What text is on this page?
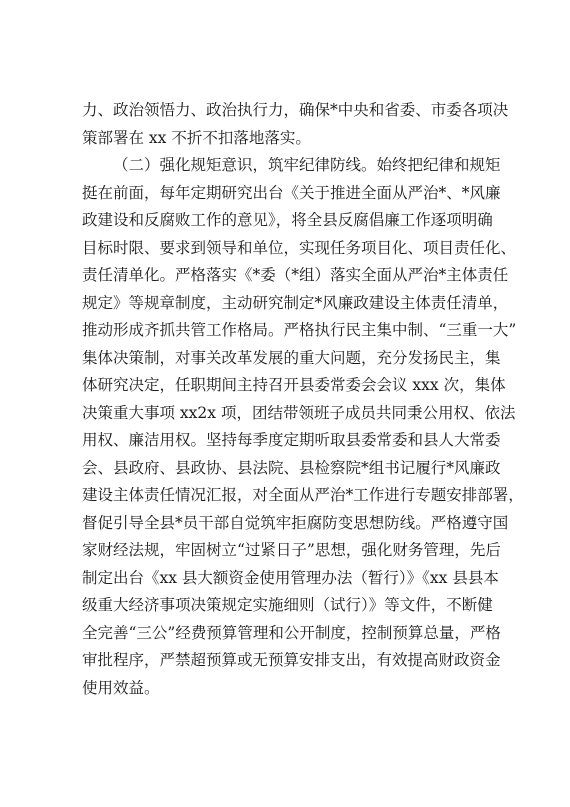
力、政治领悟力、政治执行力，确保*中央和省委、市委各项决
策部署在 xx 不折不扣落地落实。
（二）强化规矩意识，筑牢纪律防线。始终把纪律和规矩
挺在前面，每年定期研究出台《关于推进全面从严治*、*风廉
政建设和反腐败工作的意见》，将全县反腐倡廉工作逐项明确
目标时限、要求到领导和单位，实现任务项目化、项目责任化、
责任清单化。严格落实《*委（*组）落实全面从严治*主体责任
规定》等规章制度，主动研究制定*风廉政建设主体责任清单，
推动形成齐抓共管工作格局。严格执行民主集中制、“三重一大”
集体决策制，对事关改革发展的重大问题，充分发扬民主，集
体研究决定，任职期间主持召开县委常委会会议 xxx 次，集体
决策重大事项 xx2x 项，团结带领班子成员共同秉公用权、依法
用权、廉洁用权。坚持每季度定期听取县委常委和县人大常委
会、县政府、县政协、县法院、县检察院*组书记履行*风廉政
建设主体责任情况汇报，对全面从严治*工作进行专题安排部署，
督促引导全县*员干部自觉筑牢拒腐防变思想防线。严格遵守国
家财经法规，牢固树立“过紧日子”思想，强化财务管理，先后
制定出台《xx 县大额资金使用管理办法（暂行）》《xx 县县本
级重大经济事项决策规定实施细则（试行）》等文件，不断健
全完善“三公”经费预算管理和公开制度，控制预算总量，严格
审批程序，严禁超预算或无预算安排支出，有效提高财政资金
使用效益。
